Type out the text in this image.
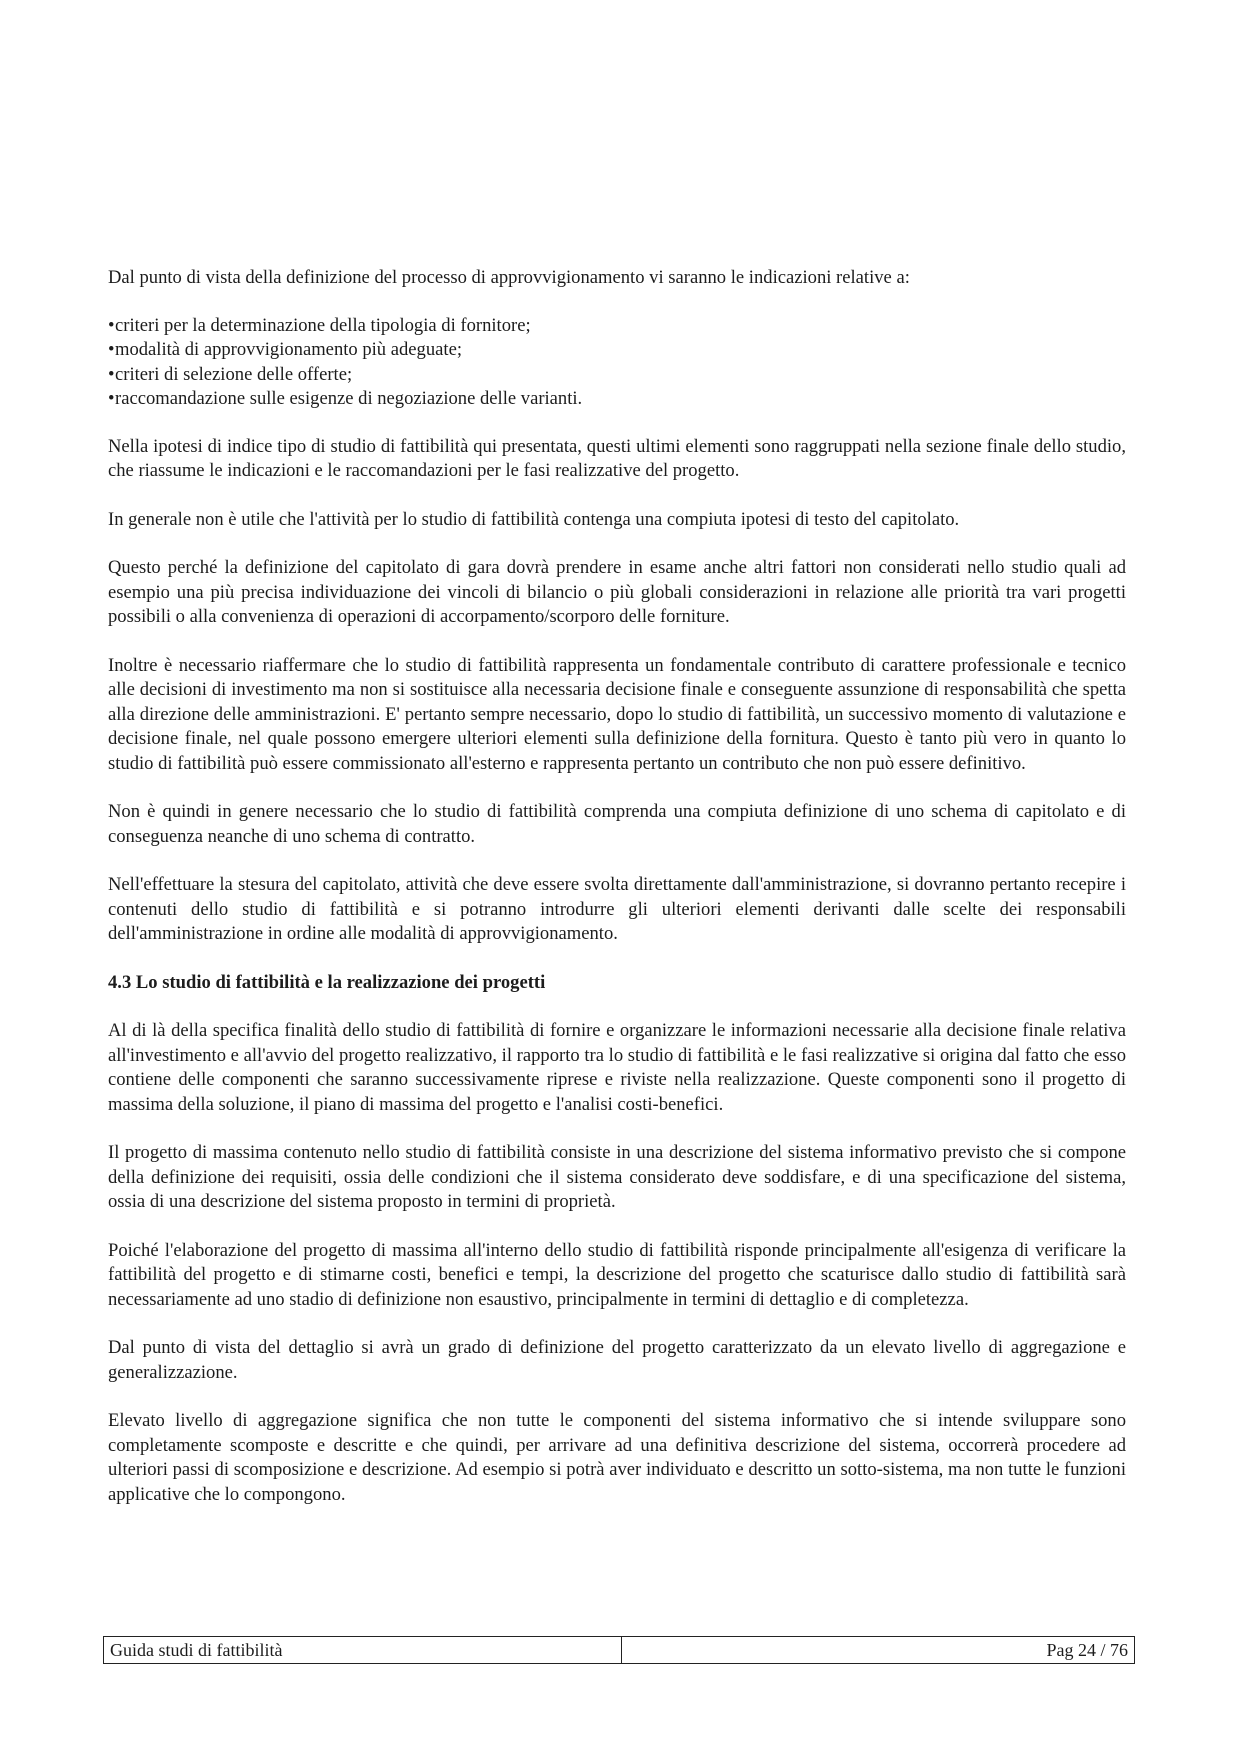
Dal punto di vista della definizione del processo di approvvigionamento vi saranno le indicazioni relative a:

•criteri per la determinazione della tipologia di fornitore;
•modalità di approvvigionamento più adeguate;
•criteri di selezione delle offerte;
•raccomandazione sulle esigenze di negoziazione delle varianti.

Nella ipotesi di indice tipo di studio di fattibilità qui presentata, questi ultimi elementi sono raggruppati nella sezione finale dello studio, che riassume le indicazioni e le raccomandazioni per le fasi realizzative del progetto.

In generale non è utile che l'attività per lo studio di fattibilità contenga una compiuta ipotesi di testo del capitolato.

Questo perché la definizione del capitolato di gara dovrà prendere in esame anche altri fattori non considerati nello studio quali ad esempio una più precisa individuazione dei vincoli di bilancio o più globali considerazioni in relazione alle priorità tra vari progetti possibili o alla convenienza di operazioni di accorpamento/scorporo delle forniture.

Inoltre è necessario riaffermare che lo studio di fattibilità rappresenta un fondamentale contributo di carattere professionale e tecnico alle decisioni di investimento ma non si sostituisce alla necessaria decisione finale e conseguente assunzione di responsabilità che spetta alla direzione delle amministrazioni. E' pertanto sempre necessario, dopo lo studio di fattibilità, un successivo momento di valutazione e decisione finale, nel quale possono emergere ulteriori elementi sulla definizione della fornitura. Questo è tanto più vero in quanto lo studio di fattibilità può essere commissionato all'esterno e rappresenta pertanto un contributo che non può essere definitivo.

Non è quindi in genere necessario che lo studio di fattibilità comprenda una compiuta definizione di uno schema di capitolato e di conseguenza neanche di uno schema di contratto.

Nell'effettuare la stesura del capitolato, attività che deve essere svolta direttamente dall'amministrazione, si dovranno pertanto recepire i contenuti dello studio di fattibilità e si potranno introdurre gli ulteriori elementi derivanti dalle scelte dei responsabili dell'amministrazione in ordine alle modalità di approvvigionamento.

4.3 Lo studio di fattibilità e la realizzazione dei progetti

Al di là della specifica finalità dello studio di fattibilità di fornire e organizzare le informazioni necessarie alla decisione finale relativa all'investimento e all'avvio del progetto realizzativo, il rapporto tra lo studio di fattibilità e le fasi realizzative si origina dal fatto che esso contiene delle componenti che saranno successivamente riprese e riviste nella realizzazione. Queste componenti sono il progetto di massima della soluzione, il piano di massima del progetto e l'analisi costi-benefici.

Il progetto di massima contenuto nello studio di fattibilità consiste in una descrizione del sistema informativo previsto che si compone della definizione dei requisiti, ossia delle condizioni che il sistema considerato deve soddisfare, e di una specificazione del sistema, ossia di una descrizione del sistema proposto in termini di proprietà.

Poiché l'elaborazione del progetto di massima all'interno dello studio di fattibilità risponde principalmente all'esigenza di verificare la fattibilità del progetto e di stimarne costi, benefici e tempi, la descrizione del progetto che scaturisce dallo studio di fattibilità sarà necessariamente ad uno stadio di definizione non esaustivo, principalmente in termini di dettaglio e di completezza.

Dal punto di vista del dettaglio si avrà un grado di definizione del progetto caratterizzato da un elevato livello di aggregazione e generalizzazione.

Elevato livello di aggregazione significa che non tutte le componenti del sistema informativo che si intende sviluppare sono completamente scomposte e descritte e che quindi, per arrivare ad una definitiva descrizione del sistema, occorrerà procedere ad ulteriori passi di scomposizione e descrizione. Ad esempio si potrà aver individuato e descritto un sotto-sistema, ma non tutte le funzioni applicative che lo compongono.

Guida studi di fattibilità	Pag 24 / 76
